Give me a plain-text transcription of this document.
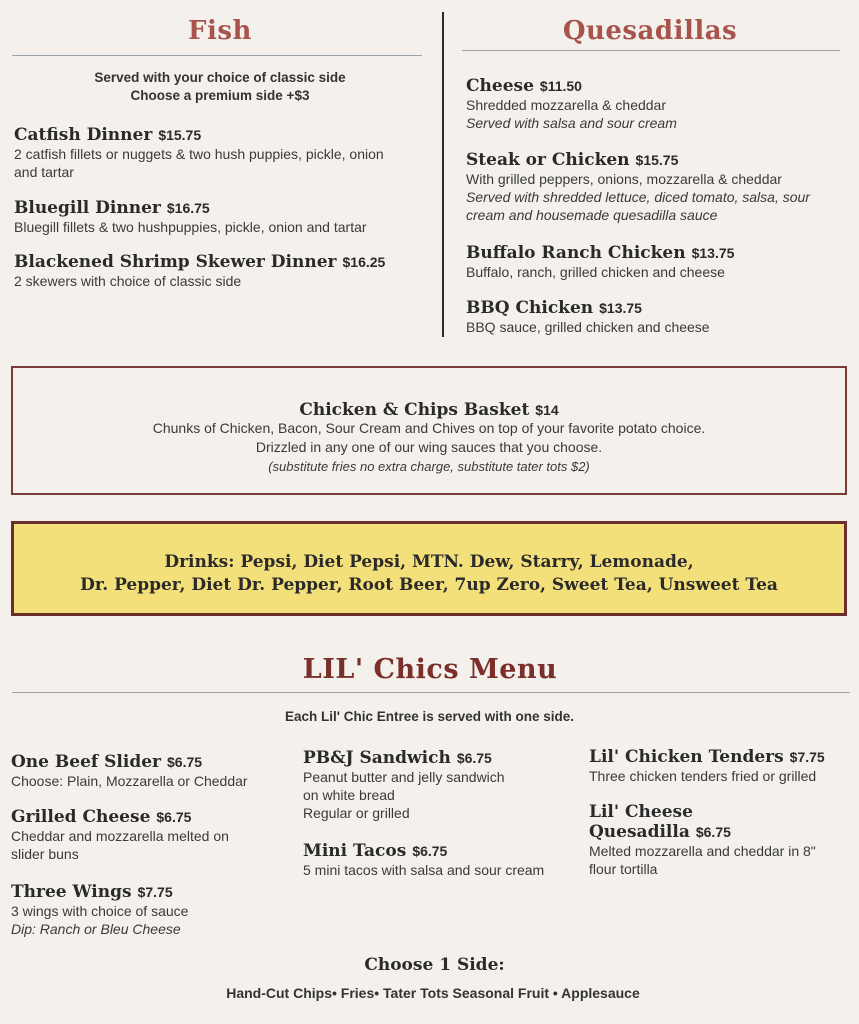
Fish
Served with your choice of classic side
Choose a premium side +$3
Catfish Dinner $15.75
2 catfish fillets or nuggets & two hush puppies, pickle, onion
and tartar
Bluegill Dinner $16.75
Bluegill fillets & two hushpuppies, pickle, onion and tartar
Blackened Shrimp Skewer Dinner $16.25
2 skewers with choice of classic side
Quesadillas
Cheese $11.50
Shredded mozzarella & cheddar
Served with salsa and sour cream
Steak or Chicken $15.75
With grilled peppers, onions, mozzarella & cheddar
Served with shredded lettuce, diced tomato, salsa, sour
cream and housemade quesadilla sauce
Buffalo Ranch Chicken $13.75
Buffalo, ranch, grilled chicken and cheese
BBQ Chicken $13.75
BBQ sauce, grilled chicken and cheese
Chicken & Chips Basket $14
Chunks of Chicken, Bacon, Sour Cream and Chives on top of your favorite potato choice.
Drizzled in any one of our wing sauces that you choose.
(substitute fries no extra charge, substitute tater tots $2)
Drinks: Pepsi, Diet Pepsi, MTN. Dew, Starry, Lemonade,
Dr. Pepper, Diet Dr. Pepper, Root Beer, 7up Zero, Sweet Tea, Unsweet Tea
LIL' Chics Menu
Each Lil' Chic Entree is served with one side.
One Beef Slider $6.75
Choose: Plain, Mozzarella or Cheddar
Grilled Cheese $6.75
Cheddar and mozzarella melted on
slider buns
Three Wings $7.75
3 wings with choice of sauce
Dip: Ranch or Bleu Cheese
PB&J Sandwich $6.75
Peanut butter and jelly sandwich
on white bread
Regular or grilled
Mini Tacos $6.75
5 mini tacos with salsa and sour cream
Lil' Chicken Tenders $7.75
Three chicken tenders fried or grilled
Lil' Cheese
Quesadilla $6.75
Melted mozzarella and cheddar in 8"
flour tortilla
Choose 1 Side:
Hand-Cut Chips• Fries• Tater Tots Seasonal Fruit • Applesauce
